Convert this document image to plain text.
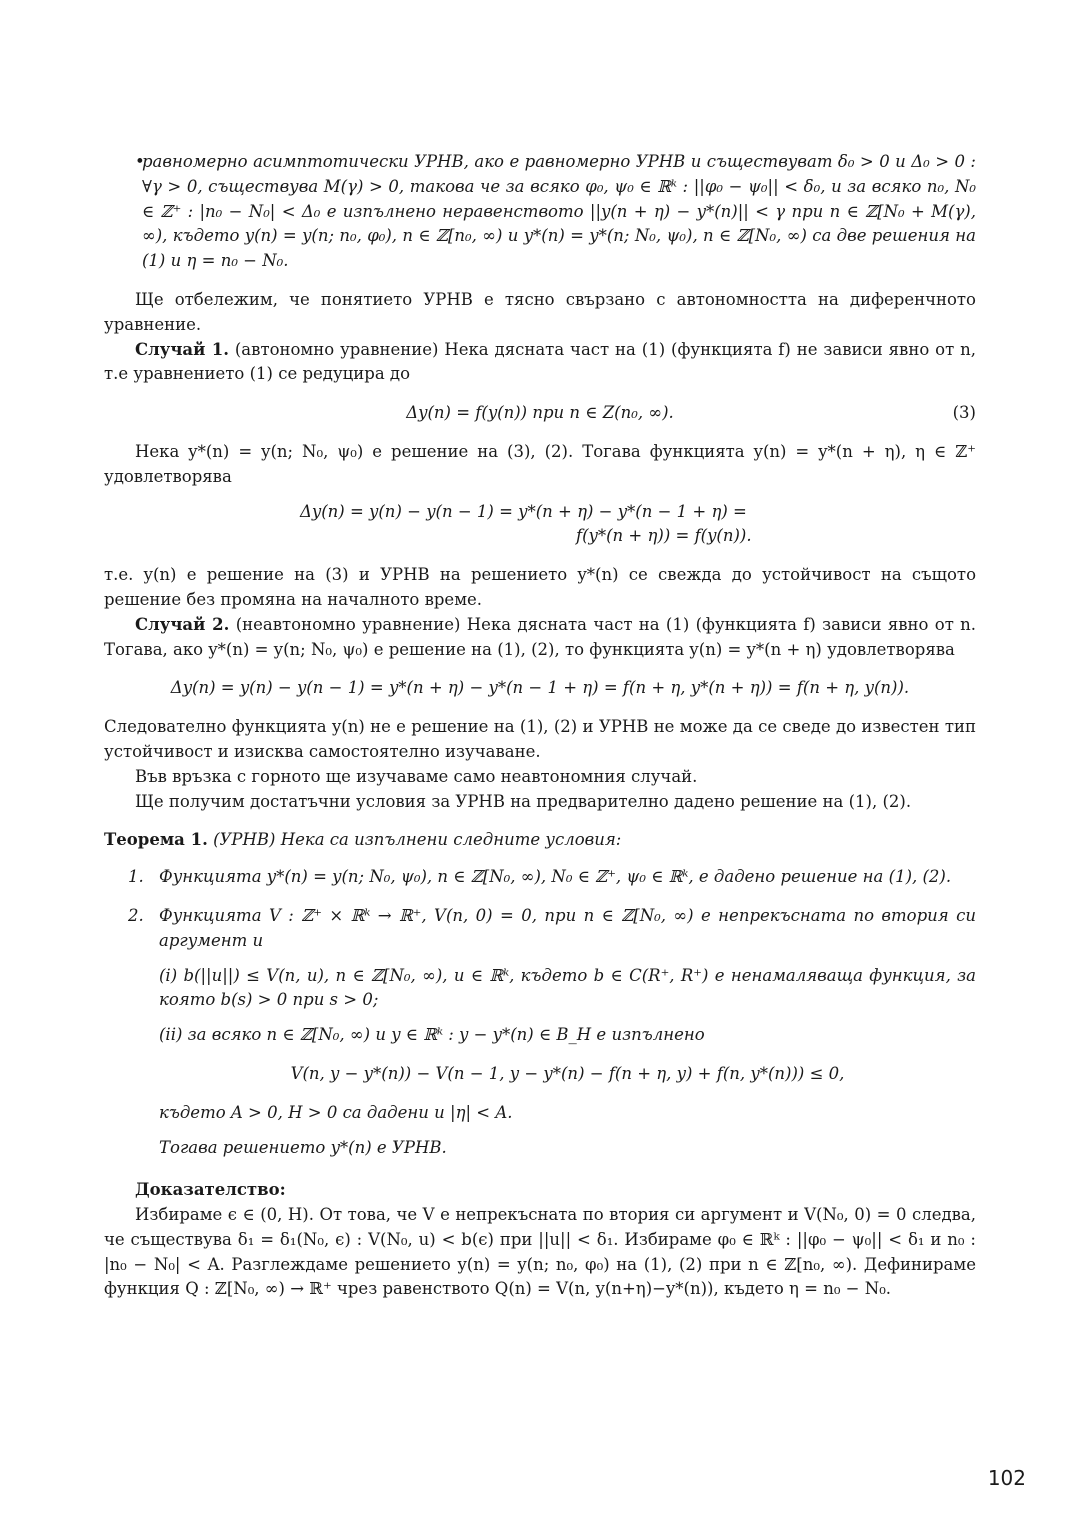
•
равномерно асимптотически УРНВ, ако е равномерно УРНВ и съществуват δ₀ > 0 и Δ₀ > 0 : ∀γ > 0, съществува M(γ) > 0, такова че за всяко φ₀, ψ₀ ∈ ℝᵏ : ||φ₀ − ψ₀|| < δ₀, и за всяко n₀, N₀ ∈ ℤ⁺ : |n₀ − N₀| < Δ₀ е изпълнено неравенството ||y(n + η) − y*(n)|| < γ при n ∈ ℤ[N₀ + M(γ), ∞), където y(n) = y(n; n₀, φ₀), n ∈ ℤ[n₀, ∞) и y*(n) = y*(n; N₀, ψ₀), n ∈ ℤ[N₀, ∞) са две решения на (1) и η = n₀ − N₀.

Ще отбележим, че понятието УРНВ е тясно свързано с автономността на диференчното уравнение.

Случай 1. (автономно уравнение) Нека дясната част на (1) (функцията f) не зависи явно от n, т.е уравнението (1) се редуцира до

Δy(n) = f(y(n)) при n ∈ Z(n₀, ∞).	(3)

Нека y*(n) = y(n; N₀, ψ₀) е решение на (3), (2). Тогава функцията y(n) = y*(n + η), η ∈ ℤ⁺ удовлетворява

Δy(n) = y(n) − y(n − 1) = y*(n + η) − y*(n − 1 + η) =
f(y*(n + η)) = f(y(n)).

т.е. y(n) е решение на (3) и УРНВ на решението y*(n) се свежда до устойчивост на същото решение без промяна на началното време.

Случай 2. (неавтономно уравнение) Нека дясната част на (1) (функцията f) зависи явно от n. Тогава, ако y*(n) = y(n; N₀, ψ₀) е решение на (1), (2), то функцията y(n) = y*(n + η) удовлетворява

Δy(n) = y(n) − y(n − 1) = y*(n + η) − y*(n − 1 + η) = f(n + η, y*(n + η)) = f(n + η, y(n)).

Следователно функцията y(n) не е решение на (1), (2) и УРНВ не може да се сведе до известен тип устойчивост и изисква самостоятелно изучаване.

Във връзка с горното ще изучаваме само неавтономния случай.

Ще получим достатъчни условия за УРНВ на предварително дадено решение на (1), (2).

Теорема 1. (УРНВ) Нека са изпълнени следните условия:

1. Функцията y*(n) = y(n; N₀, ψ₀), n ∈ ℤ[N₀, ∞), N₀ ∈ ℤ⁺, ψ₀ ∈ ℝᵏ, е дадено решение на (1), (2).
2. Функцията V : ℤ⁺ × ℝᵏ → ℝ⁺, V(n, 0) = 0, при n ∈ ℤ[N₀, ∞) е непрекъсната по втория си аргумент и
(i) b(||u||) ≤ V(n, u), n ∈ ℤ[N₀, ∞), u ∈ ℝᵏ, където b ∈ C(R⁺, R⁺) е ненамаляваща функция, за която b(s) > 0 при s > 0;
(ii) за всяко n ∈ ℤ[N₀, ∞) и y ∈ ℝᵏ : y − y*(n) ∈ B_H е изпълнено
V(n, y − y*(n)) − V(n − 1, y − y*(n) − f(n + η, y) + f(n, y*(n))) ≤ 0,
където A > 0, H > 0 са дадени и |η| < A.
Тогава решението y*(n) е УРНВ.

Доказателство:

Избираме ϵ ∈ (0, H). От това, че V е непрекъсната по втория си аргумент и V(N₀, 0) = 0 следва, че съществува δ₁ = δ₁(N₀, ϵ) : V(N₀, u) < b(ϵ) при ||u|| < δ₁. Избираме φ₀ ∈ ℝᵏ : ||φ₀ − ψ₀|| < δ₁ и n₀ : |n₀ − N₀| < A. Разглеждаме решението y(n) = y(n; n₀, φ₀) на (1), (2) при n ∈ ℤ[n₀, ∞). Дефинираме функция Q : ℤ[N₀, ∞) → ℝ⁺ чрез равенството Q(n) = V(n, y(n+η)−y*(n)), където η = n₀ − N₀.

102
